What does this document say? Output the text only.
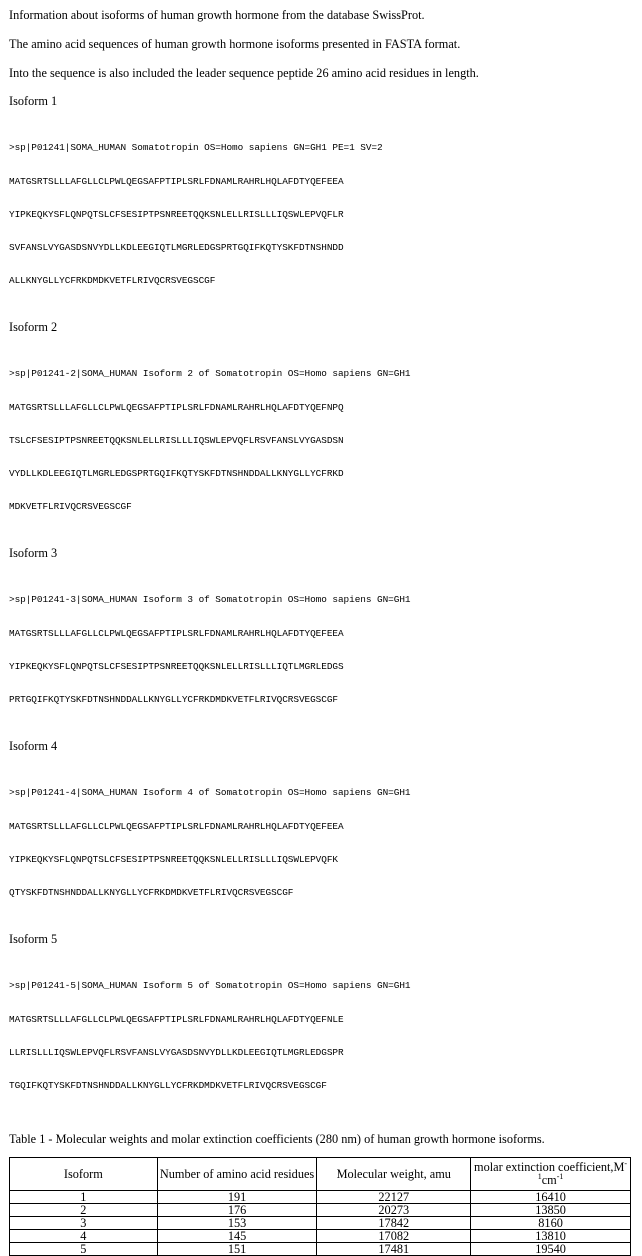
Information about isoforms of human growth hormone from the database SwissProt.

The amino acid sequences of human growth hormone isoforms presented in FASTA format.

Into the sequence is also included the leader sequence peptide 26 amino acid residues in length.

Isoform 1

>sp|P01241|SOMA_HUMAN Somatotropin OS=Homo sapiens GN=GH1 PE=1 SV=2

MATGSRTSLLLAFGLLCLPWLQEGSAFPTIPLSRLFDNAMLRAHRLHQLAFDTYQEFEEA

YIPKEQKYSFLQNPQTSLCFSESIPTPSNREETQQKSNLELLRISLLLIQSWLEPVQFLR

SVFANSLVYGASDSNVYDLLKDLEEGIQTLMGRLEDGSPRTGQIFKQTYSKFDTNSHNDD

ALLKNYGLLYCFRKDMDKVETFLRIVQCRSVEGSCGF

Isoform 2

>sp|P01241-2|SOMA_HUMAN Isoform 2 of Somatotropin OS=Homo sapiens GN=GH1

MATGSRTSLLLAFGLLCLPWLQEGSAFPTIPLSRLFDNAMLRAHRLHQLAFDTYQEFNPQ

TSLCFSESIPTPSNREETQQKSNLELLRISLLLIQSWLEPVQFLRSVFANSLVYGASDSN

VYDLLKDLEEGIQTLMGRLEDGSPRTGQIFKQTYSKFDTNSHNDDALLKNYGLLYCFRKD

MDKVETFLRIVQCRSVEGSCGF

Isoform 3

>sp|P01241-3|SOMA_HUMAN Isoform 3 of Somatotropin OS=Homo sapiens GN=GH1

MATGSRTSLLLAFGLLCLPWLQEGSAFPTIPLSRLFDNAMLRAHRLHQLAFDTYQEFEEA

YIPKEQKYSFLQNPQTSLCFSESIPTPSNREETQQKSNLELLRISLLLIQTLMGRLEDGS

PRTGQIFKQTYSKFDTNSHNDDALLKNYGLLYCFRKDMDKVETFLRIVQCRSVEGSCGF

Isoform 4

>sp|P01241-4|SOMA_HUMAN Isoform 4 of Somatotropin OS=Homo sapiens GN=GH1

MATGSRTSLLLAFGLLCLPWLQEGSAFPTIPLSRLFDNAMLRAHRLHQLAFDTYQEFEEA

YIPKEQKYSFLQNPQTSLCFSESIPTPSNREETQQKSNLELLRISLLLIQSWLEPVQFK

QTYSKFDTNSHNDDALLKNYGLLYCFRKDMDKVETFLRIVQCRSVEGSCGF

Isoform 5

>sp|P01241-5|SOMA_HUMAN Isoform 5 of Somatotropin OS=Homo sapiens GN=GH1

MATGSRTSLLLAFGLLCLPWLQEGSAFPTIPLSRLFDNAMLRAHRLHQLAFDTYQEFNLE

LLRISLLLIQSWLEPVQFLRSVFANSLVYGASDSNVYDLLKDLEEGIQTLMGRLEDGSPR

TGQIFKQTYSKFDTNSHNDDALLKNYGLLYCFRKDMDKVETFLRIVQCRSVEGSCGF

Table 1 - Molecular weights and molar extinction coefficients (280 nm) of human growth hormone isoforms.

Isoform	Number of amino acid residues	Molecular weight, amu	molar extinction $coefficient,M^{-1}cm^{-1}$
1	191	22127	16410
2	176	20273	13850
3	153	17842	8160
4	145	17082	13810
5	151	17481	19540
